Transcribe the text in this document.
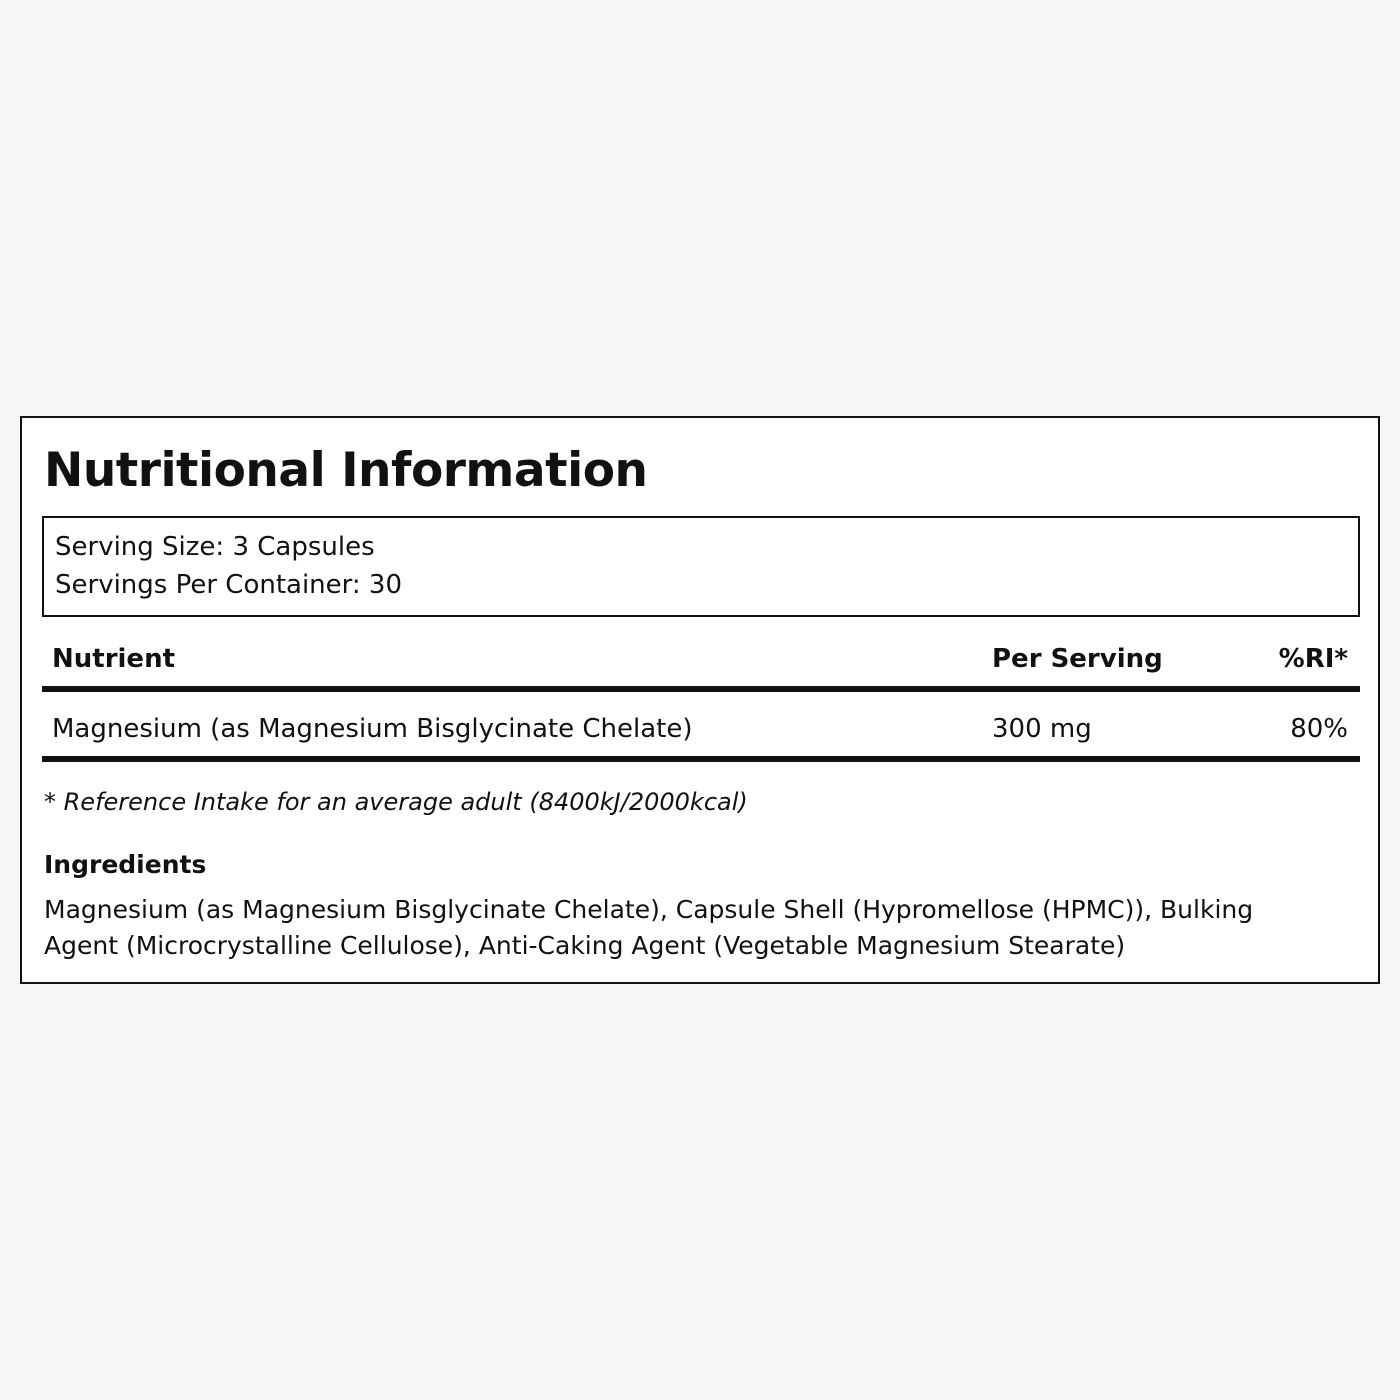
Nutritional Information
Serving Size: 3 Capsules
Servings Per Container: 30
Nutrient	Per Serving	%RI*
Magnesium (as Magnesium Bisglycinate Chelate)	300 mg	80%
* Reference Intake for an average adult (8400kJ/2000kcal)
Ingredients

Magnesium (as Magnesium Bisglycinate Chelate), Capsule Shell (Hypromellose (HPMC)), Bulking Agent (Microcrystalline Cellulose), Anti-Caking Agent (Vegetable Magnesium Stearate)
